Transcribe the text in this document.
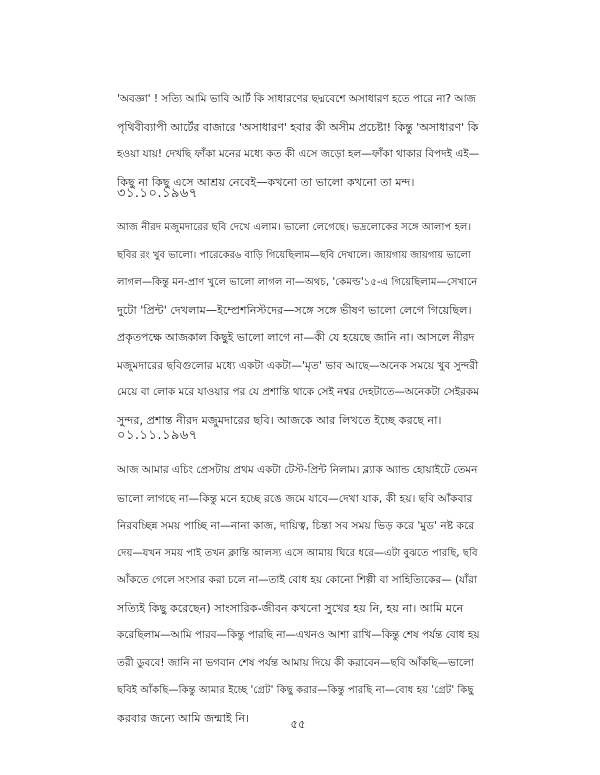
'অবজ্ঞা' ! সত্যি আমি ভাবি আর্ট কি সাধারণের ছদ্মবেশে অসাধারণ হতে পারে না? আজ
পৃথিবীব্যাপী আর্টের বাজারে 'অসাধারণ' হবার কী অসীম প্রচেষ্টা! কিন্তু 'অসাধারণ' কি
হওয়া যায়! দেখছি ফাঁকা মনের মধ্যে কত কী এসে জড়ো হল—ফাঁকা থাকার বিপদই এই—
কিছু না কিছু এসে আশ্রয় নেবেই—কখনো তা ভালো কখনো তা মন্দ।

৩১.১০.১৯৬৭

আজ নীরদ মজুমদারের ছবি দেখে এলাম। ভালো লেগেছে। ভদ্রলোকের সঙ্গে আলাপ হল।
ছবির রং খুব ভালো। পারেকের৬ বাড়ি গিয়েছিলাম—ছবি দেখালে। জায়গায় জায়গায় ভালো
লাগল—কিন্তু মন-প্রাণ খুলে ভালো লাগল না—অথচ, 'কেমল্ড'১৫-এ গিয়েছিলাম—সেখানে
দুটো 'প্রিন্ট' দেখলাম—ইম্প্রেশনিস্টদের—সঙ্গে সঙ্গে ভীষণ ভালো লেগে গিয়েছিল।
প্রকৃতপক্ষে আজকাল কিছুই ভালো লাগে না—কী যে হয়েছে জানি না। আসলে নীরদ
মজুমদারের ছবিগুলোর মধ্যে একটা একটা—'মৃত' ভাব আছে—অনেক সময়ে খুব সুন্দরী
মেয়ে বা লোক মরে যাওয়ার পর যে প্রশান্তি থাকে সেই নশ্বর দেহটাতে—অনেকটা সেইরকম
সুন্দর, প্রশান্ত নীরদ মজুমদারের ছবি। আজকে আর লিখতে ইচ্ছে করছে না।

০১.১১.১৯৬৭

আজ আমার এচিং প্রেসটায় প্রথম একটা টেস্ট-প্রিন্ট নিলাম। ব্ল্যাক অ্যান্ড হোয়াইটে তেমন
ভালো লাগছে না—কিন্তু মনে হচ্ছে রঙে জমে যাবে—দেখা যাক, কী হয়। ছবি আঁকবার
নিরবচ্ছিন্ন সময় পাচ্ছি না—নানা কাজ, দায়িত্ব, চিন্তা সব সময় ভিড় করে 'মুড' নষ্ট করে
দেয়—যখন সময় পাই তখন ক্লান্তি আলস্য এসে আমায় ঘিরে ধরে—এটা বুঝতে পারছি, ছবি
আঁকতে গেলে সংসার করা চলে না—তাই বোধ হয় কোনো শিল্পী বা সাহিত্যিকের— (যাঁরা
সত্যিই কিছু করেছেন) সাংসারিক-জীবন কখনো সুখের হয় নি, হয় না। আমি মনে
করেছিলাম—আমি পারব—কিন্তু পারছি না—এখনও আশা রাখি—কিন্তু শেষ পর্যন্ত বোধ হয়
তরী ডুববে! জানি না ভগবান শেষ পর্যন্ত আমায় দিয়ে কী করাবেন—ছবি আঁকছি—ভালো
ছবিই আঁকছি—কিন্তু আমার ইচ্ছে 'গ্রেট' কিছু করার—কিন্তু পারছি না—বোধ হয় 'গ্রেট' কিছু
করবার জন্যে আমি জন্মাই নি।	৫৫
